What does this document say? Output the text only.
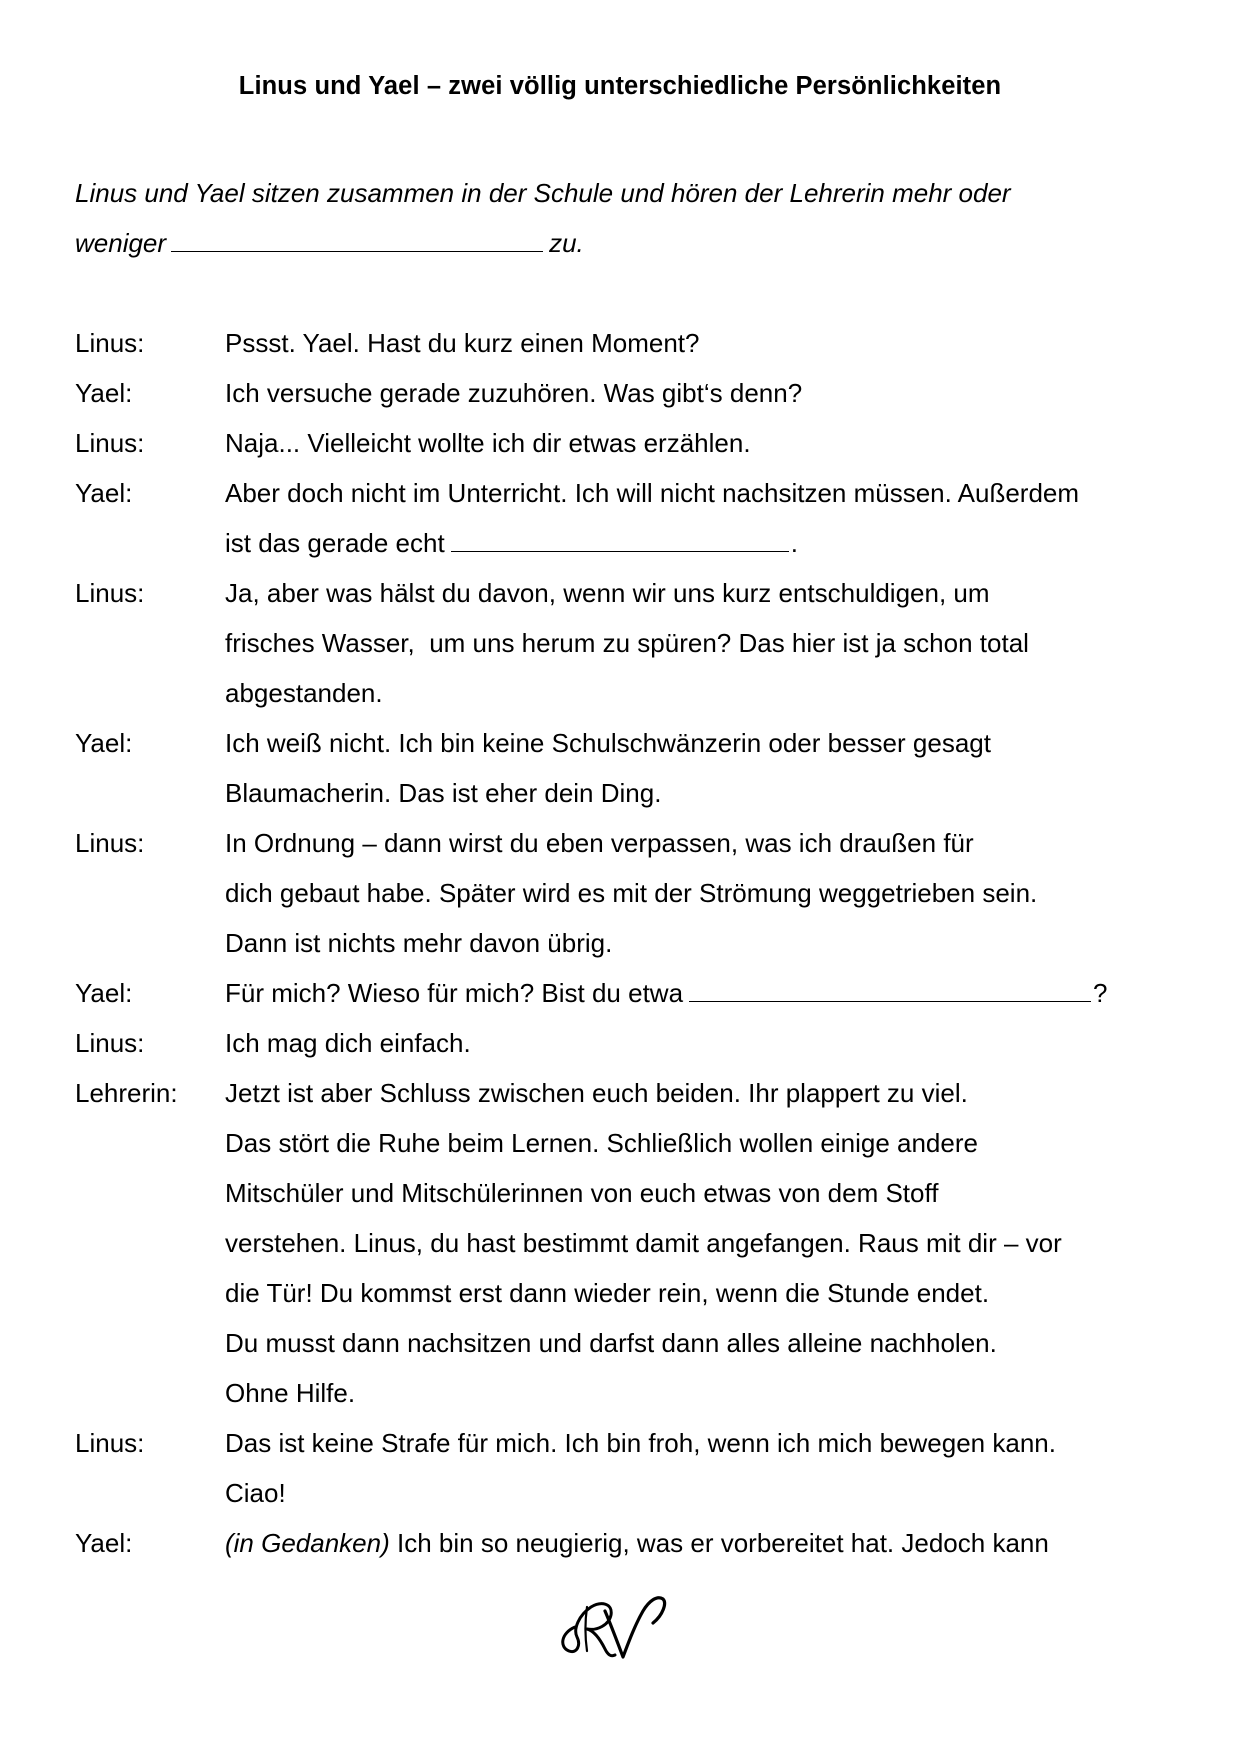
Linus und Yael – zwei völlig unterschiedliche Persönlichkeiten
Linus und Yael sitzen zusammen in der Schule und hören der Lehrerin mehr oder
weniger	zu.
Linus:	Pssst. Yael. Hast du kurz einen Moment?
Yael:	Ich versuche gerade zuzuhören. Was gibt‘s denn?
Linus:	Naja... Vielleicht wollte ich dir etwas erzählen.
Yael:	Aber doch nicht im Unterricht. Ich will nicht nachsitzen müssen. Außerdem
ist das gerade echt	.
Linus:	Ja, aber was hälst du davon, wenn wir uns kurz entschuldigen, um
frisches Wasser,  um uns herum zu spüren? Das hier ist ja schon total
abgestanden.
Yael:	Ich weiß nicht. Ich bin keine Schulschwänzerin oder besser gesagt
Blaumacherin. Das ist eher dein Ding.
Linus:	In Ordnung – dann wirst du eben verpassen, was ich draußen für
dich gebaut habe. Später wird es mit der Strömung weggetrieben sein.
Dann ist nichts mehr davon übrig.
Yael:	Für mich? Wieso für mich? Bist du etwa	?
Linus:	Ich mag dich einfach.
Lehrerin:	Jetzt ist aber Schluss zwischen euch beiden. Ihr plappert zu viel.
Das stört die Ruhe beim Lernen. Schließlich wollen einige andere
Mitschüler und Mitschülerinnen von euch etwas von dem Stoff
verstehen. Linus, du hast bestimmt damit angefangen. Raus mit dir – vor
die Tür! Du kommst erst dann wieder rein, wenn die Stunde endet.
Du musst dann nachsitzen und darfst dann alles alleine nachholen.
Ohne Hilfe.
Linus:	Das ist keine Strafe für mich. Ich bin froh, wenn ich mich bewegen kann.
Ciao!
Yael:	(in Gedanken) Ich bin so neugierig, was er vorbereitet hat. Jedoch kann
